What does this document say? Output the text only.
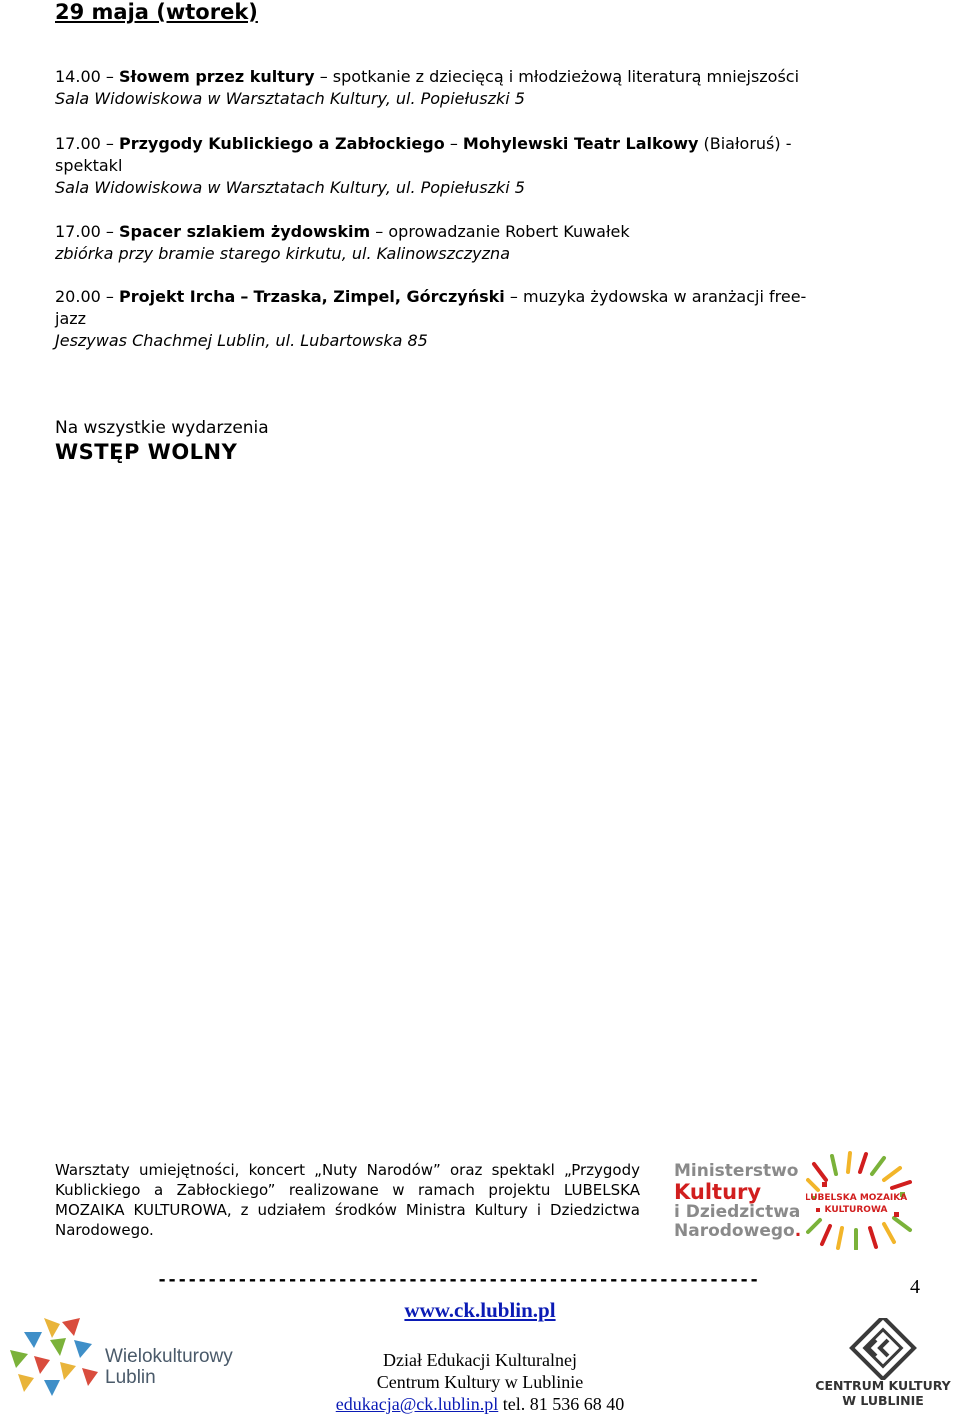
29 maja (wtorek)
14.00 – Słowem przez kultury – spotkanie z dziecięcą i młodzieżową literaturą mniejszości
Sala Widowiskowa w Warsztatach Kultury, ul. Popiełuszki 5
17.00 – Przygody Kublickiego a Zabłockiego – Mohylewski Teatr Lalkowy (Białoruś) -
spektakl
Sala Widowiskowa w Warsztatach Kultury, ul. Popiełuszki 5
17.00 – Spacer szlakiem żydowskim – oprowadzanie Robert Kuwałek
zbiórka przy bramie starego kirkutu, ul. Kalinowszczyzna
20.00 – Projekt Ircha – Trzaska, Zimpel, Górczyński – muzyka żydowska w aranżacji free-
jazz
Jeszywas Chachmej Lublin, ul. Lubartowska 85
Na wszystkie wydarzenia
WSTĘP WOLNY
Warsztaty umiejętności, koncert „Nuty Narodów” oraz spektakl „Przygody Kublickiego a Zabłockiego” realizowane w ramach projektu LUBELSKA MOZAIKA KULTUROWA, z udziałem środków Ministra Kultury i Dziedzictwa Narodowego.
Ministerstwo
Kultury
i Dziedzictwa
Narodowego.
LUBELSKA MOZAIKA
KULTUROWA
------------------------------------------------------------	4
www.ck.lublin.pl
Dział Edukacji Kulturalnej
Centrum Kultury w Lublinie
edukacja@ck.lublin.pl tel. 81 536 68 40
Wielokulturowy
Lublin	CENTRUM KULTURY
W LUBLINIE
